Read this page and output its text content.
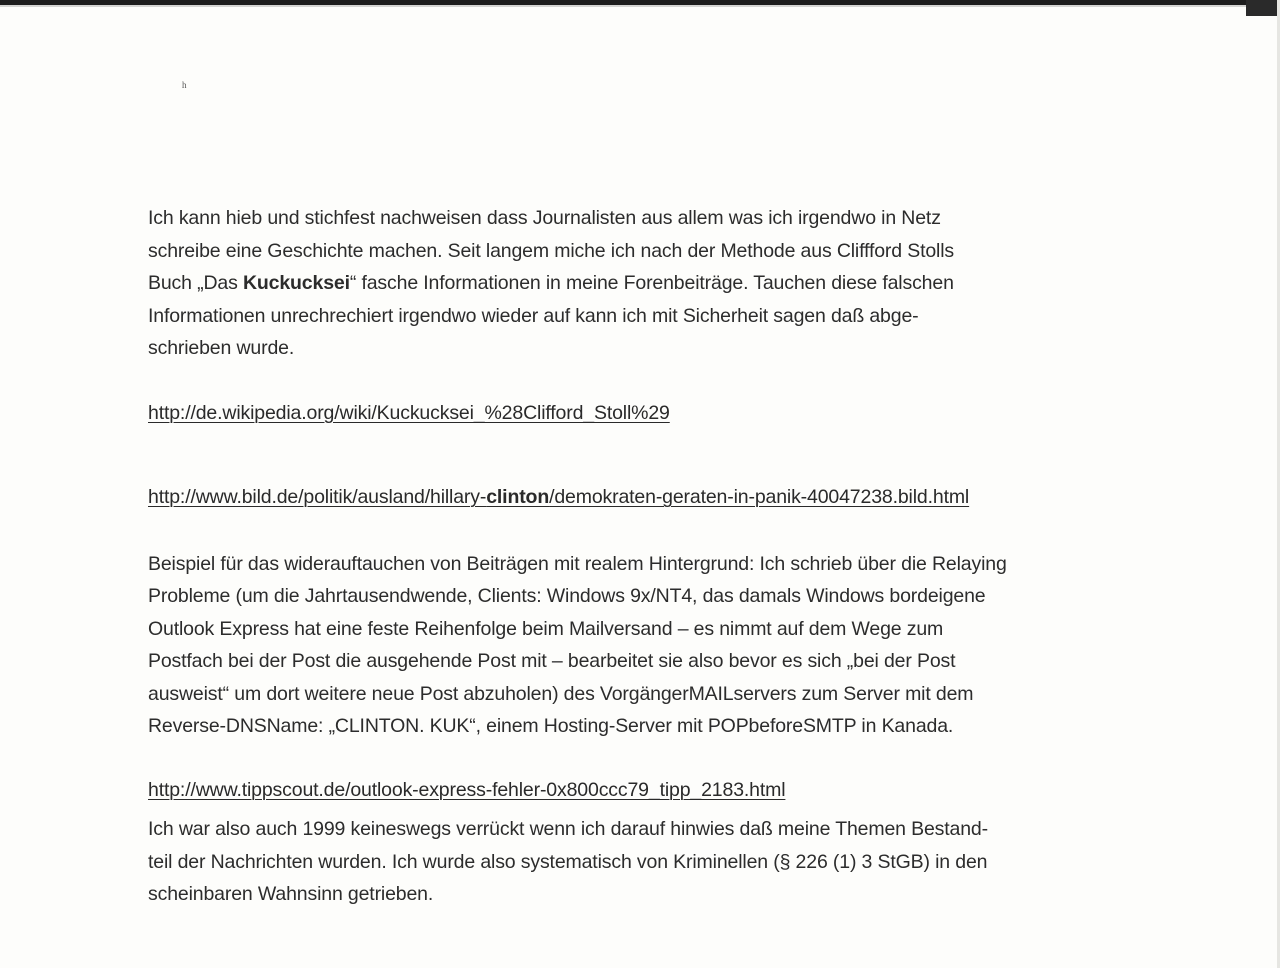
h

Ich kann hieb und stichfest nachweisen dass Journalisten aus allem was ich irgendwo in Netz
schreibe eine Geschichte machen. Seit langem miche ich nach der Methode aus Cliffford Stolls
Buch „Das Kuckucksei“ fasche Informationen in meine Forenbeiträge. Tauchen diese falschen
Informationen unrechrechiert irgendwo wieder auf kann ich mit Sicherheit sagen daß abge-
schrieben wurde.

http://de.wikipedia.org/wiki/Kuckucksei_%28Clifford_Stoll%29
http://www.bild.de/politik/ausland/hillary-clinton/demokraten-geraten-in-panik-40047238.bild.html

Beispiel für das widerauftauchen von Beiträgen mit realem Hintergrund: Ich schrieb über die Relaying
Probleme (um die Jahrtausendwende, Clients: Windows 9x/NT4, das damals Windows bordeigene
Outlook Express hat eine feste Reihenfolge beim Mailversand – es nimmt auf dem Wege zum
Postfach bei der Post die ausgehende Post mit – bearbeitet sie also bevor es sich „bei der Post
ausweist“ um dort weitere neue Post abzuholen) des VorgängerMAILservers zum Server mit dem
Reverse-DNSName: „CLINTON. KUK“, einem Hosting-Server mit POPbeforeSMTP in Kanada.

http://www.tippscout.de/outlook-express-fehler-0x800ccc79_tipp_2183.html

Ich war also auch 1999 keineswegs verrückt wenn ich darauf hinwies daß meine Themen Bestand-
teil der Nachrichten wurden. Ich wurde also systematisch von Kriminellen (§ 226 (1) 3 StGB) in den
scheinbaren Wahnsinn getrieben.
